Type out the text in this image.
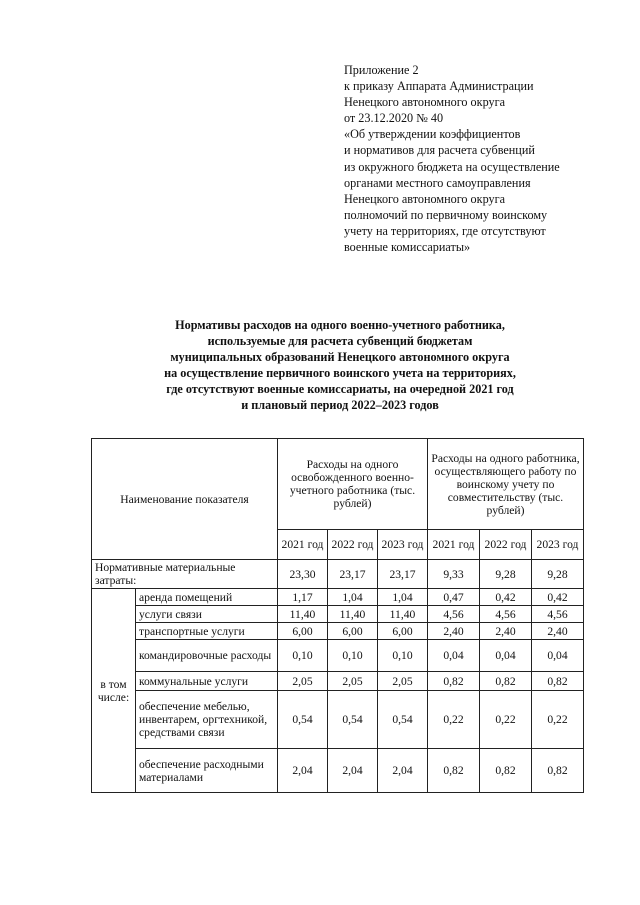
Приложение 2
к приказу Аппарата Администрации
Ненецкого автономного округа
от 23.12.2020 № 40
«Об утверждении коэффициентов
и нормативов для расчета субвенций
из окружного бюджета на осуществление
органами местного самоуправления
Ненецкого автономного округа
полномочий по первичному воинскому
учету на территориях, где отсутствуют
военные комиссариаты»
Нормативы расходов на одного военно-учетного работника,
используемые для расчета субвенций бюджетам
муниципальных образований Ненецкого автономного округа
на осуществление первичного воинского учета на территориях,
где отсутствуют военные комиссариаты, на очередной 2021 год
и плановый период 2022–2023 годов
Наименование показателя		Расходы на одного освобожденного военно-учетного работника (тыс. рублей)			Расходы на одного работника, осуществляющего работу по воинскому учету по совместительству (тыс. рублей)		
		2021 год	2022 год	2023 год	2021 год	2022 год	2023 год
Нормативные материальные затраты:		23,30	23,17	23,17	9,33	9,28	9,28
в том числе:	аренда помещений	1,17	1,04	1,04	0,47	0,42	0,42
	услуги связи	11,40	11,40	11,40	4,56	4,56	4,56
	транспортные услуги	6,00	6,00	6,00	2,40	2,40	2,40
	командировочные расходы	0,10	0,10	0,10	0,04	0,04	0,04
	коммунальные услуги	2,05	2,05	2,05	0,82	0,82	0,82
	обеспечение мебелью, инвентарем, оргтехникой, средствами связи	0,54	0,54	0,54	0,22	0,22	0,22
	обеспечение расходными материалами	2,04	2,04	2,04	0,82	0,82	0,82
